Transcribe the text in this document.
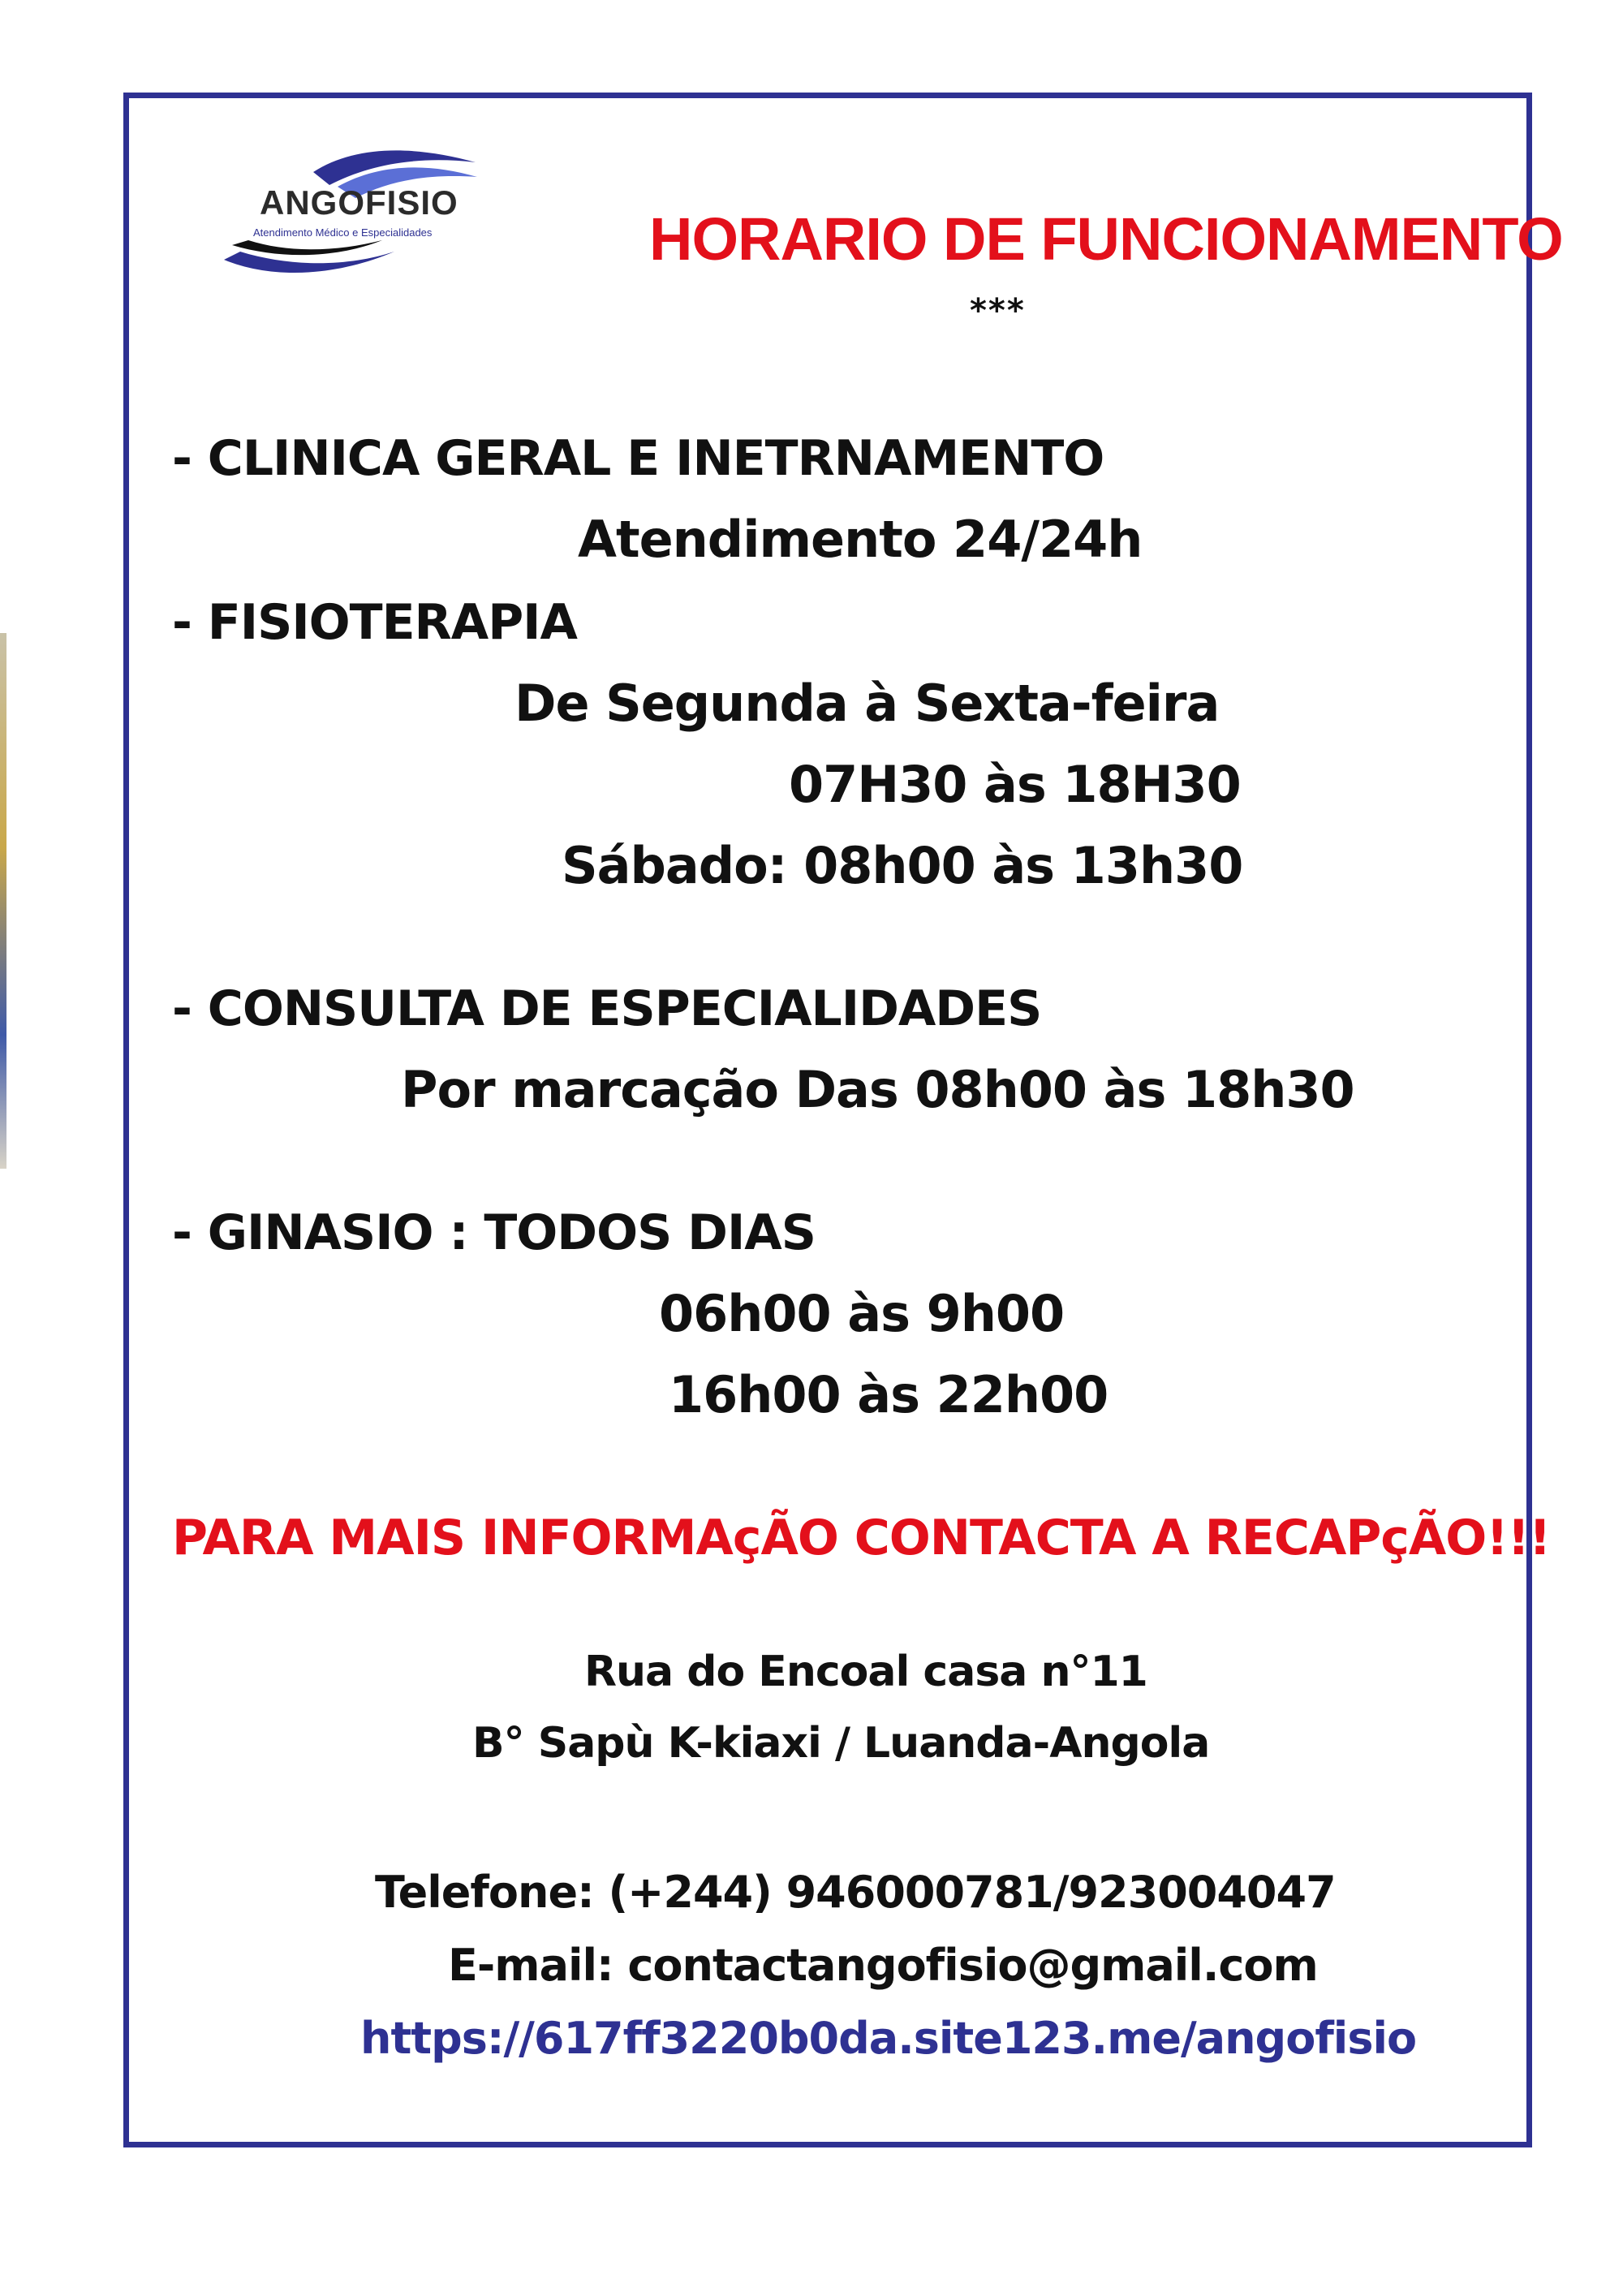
ANGOFISIO
Atendimento Médico e Especialidades	HORARIO DE FUNCIONAMENTO
***
- CLINICA GERAL E INETRNAMENTO
Atendimento 24/24h
- FISIOTERAPIA
De Segunda à Sexta-feira
07H30 às 18H30
Sábado: 08h00 às 13h30
- CONSULTA DE ESPECIALIDADES
Por marcação Das 08h00 às 18h30
- GINASIO : TODOS DIAS
06h00 às 9h00
16h00 às 22h00
PARA MAIS INFORMAçÃO CONTACTA A RECAPçÃO!!!
Rua do Encoal casa n°11
B° Sapù K-kiaxi / Luanda-Angola
Telefone: (+244) 946000781/923004047
E-mail: contactangofisio@gmail.com
https://617ff3220b0da.site123.me/angofisio
